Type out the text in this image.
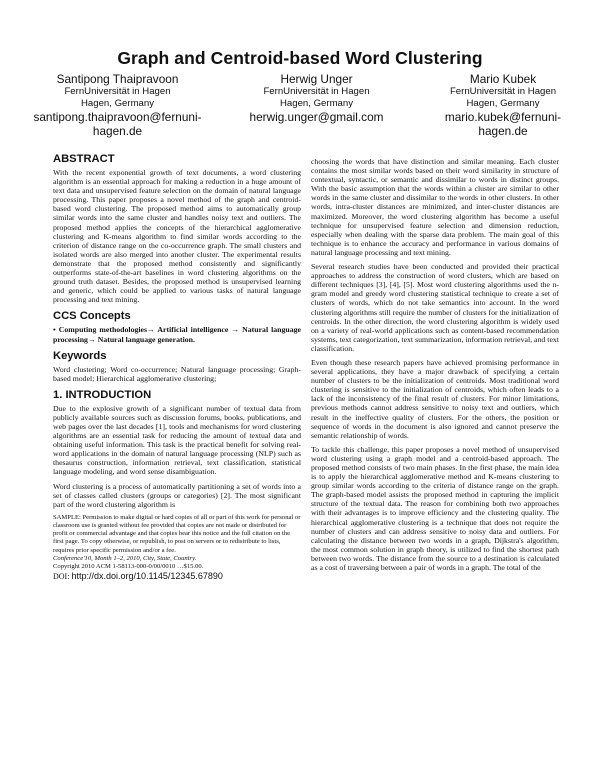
Graph and Centroid-based Word Clustering
Santipong Thaipravoon
FernUniversität in Hagen
Hagen, Germany
santipong.thaipravoon@fernuni-
hagen.de
Herwig Unger
FernUniversität in Hagen
Hagen, Germany
herwig.unger@gmail.com
Mario Kubek
FernUniversität in Hagen
Hagen, Germany
mario.kubek@fernuni-hagen.de
ABSTRACT

With the recent exponential growth of text documents, a word clustering algorithm is an essential approach for making a reduction in a huge amount of text data and unsupervised feature selection on the domain of natural language processing. This paper proposes a novel method of the graph and centroid-based word clustering. The proposed method aims to automatically group similar words into the same cluster and handles noisy text and outliers. The proposed method applies the concepts of the hierarchical agglomerative clustering and K-means algorithm to find similar words according to the criterion of distance range on the co-occurrence graph. The small clusters and isolated words are also merged into another cluster. The experimental results demonstrate that the proposed method consistently and significantly outperforms state-of-the-art baselines in word clustering algorithms on the ground truth dataset. Besides, the proposed method is unsupervised learning and generic, which could be applied to various tasks of natural language processing and text mining.

CCS Concepts
• Computing methodologies→ Artificial intelligence → Natural language processing→ Natural language generation.
Keywords

Word clustering; Word co-occurrence; Natural language processing; Graph-based model; Hierarchical agglomerative clustering;

1. INTRODUCTION

Due to the explosive growth of a significant number of textual data from publicly available sources such as discussion forums, books, publications, and web pages over the last decades [1], tools and mechanisms for word clustering algorithms are an essential task for reducing the amount of textual data and obtaining useful information. This task is the practical benefit for solving real-word applications in the domain of natural language processing (NLP) such as thesaurus construction, information retrieval, text classification, statistical language modeling, and word sense disambiguation.

Word clustering is a process of automatically partitioning a set of words into a set of classes called clusters (groups or categories) [2]. The most significant part of the word clustering algorithm is

SAMPLE: Permission to make digital or hard copies of all or part of this work for personal or classroom use is granted without fee provided that copies are not made or distributed for profit or commercial advantage and that copies bear this notice and the full citation on the first page. To copy otherwise, or republish, to post on servers or to redistribute to lists, requires prior specific permission and/or a fee.
Conference'10, Month 1–2, 2010, City, State, Country.
Copyright 2010 ACM 1-58113-000-0/00/0010 …$15.00.
DOI: http://dx.doi.org/10.1145/12345.67890

choosing the words that have distinction and similar meaning. Each cluster contains the most similar words based on their word similarity in structure of contextual, syntactic, or semantic and dissimilar to words in distinct groups. With the basic assumption that the words within a cluster are similar to other words in the same cluster and dissimilar to the words in other clusters. In other words, intra-cluster distances are minimized, and inter-cluster distances are maximized. Moreover, the word clustering algorithm has become a useful technique for unsupervised feature selection and dimension reduction, especially when dealing with the sparse data problem. The main goal of this technique is to enhance the accuracy and performance in various domains of natural language processing and text mining.

Several research studies have been conducted and provided their practical approaches to address the construction of word clusters, which are based on different techniques [3], [4], [5]. Most word clustering algorithms used the n-gram model and greedy word clustering statistical technique to create a set of clusters of words, which do not take semantics into account. In the word clustering algorithms still require the number of clusters for the initialization of centroids. In the other direction, the word clustering algorithm is widely used on a variety of real-world applications such as content-based recommendation systems, text categorization, text summarization, information retrieval, and text classification.

Even though these research papers have achieved promising performance in several applications, they have a major drawback of specifying a certain number of clusters to be the initialization of centroids. Most traditional word clustering is sensitive to the initialization of centroids, which often leads to a lack of the inconsistency of the final result of clusters. For minor limitations, previous methods cannot address sensitive to noisy text and outliers, which result in the ineffective quality of clusters. For the others, the position or sequence of words in the document is also ignored and cannot preserve the semantic relationship of words.

To tackle this challenge, this paper proposes a novel method of unsupervised word clustering using a graph model and a centroid-based approach. The proposed method consists of two main phases. In the first phase, the main idea is to apply the hierarchical agglomerative method and K-means clustering to group similar words according to the criteria of distance range on the graph. The graph-based model assists the proposed method in capturing the implicit structure of the textual data. The reason for combining both two approaches with their advantages is to improve efficiency and the clustering quality. The hierarchical agglomerative clustering is a technique that does not require the number of clusters and can address sensitive to noisy data and outliers. For calculating the distance between two words in a graph, Dijkstra's algorithm, the most common solution in graph theory, is utilized to find the shortest path between two words. The distance from the source to a destination is calculated as a cost of traversing between a pair of words in a graph. The total of the
